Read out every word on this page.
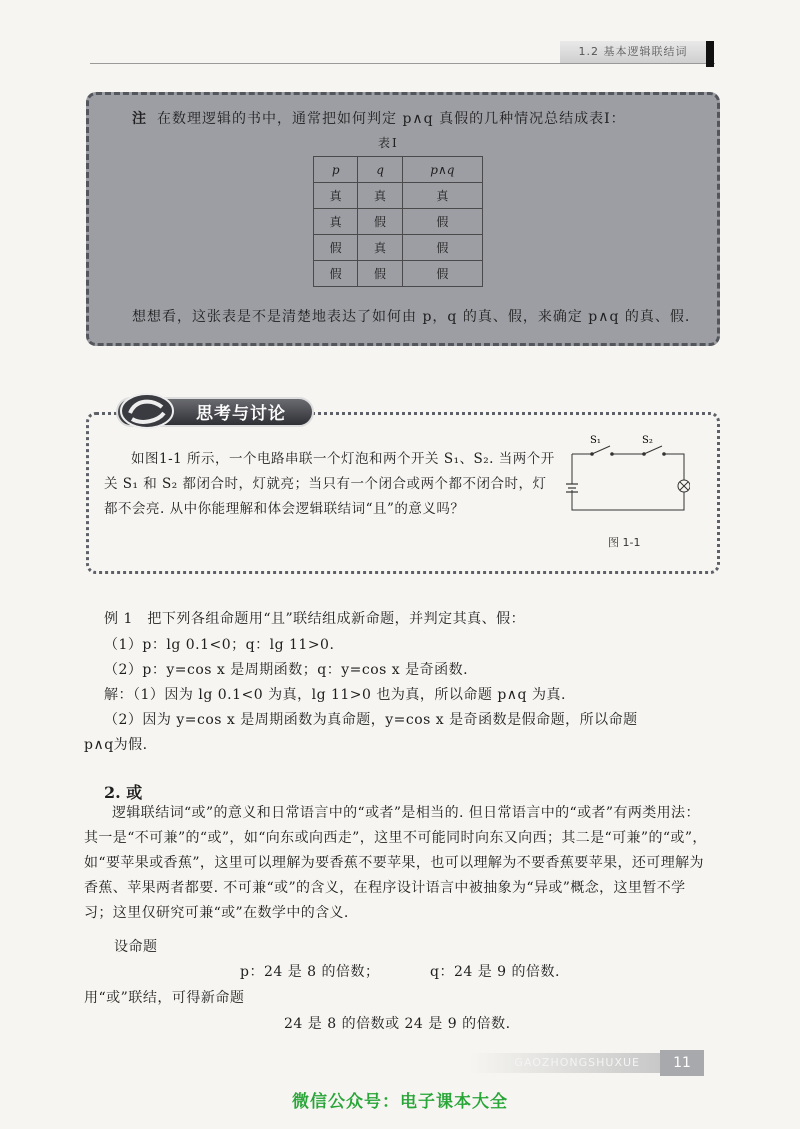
1.2 基本逻辑联结词
注 在数理逻辑的书中，通常把如何判定 p∧q 真假的几种情况总结成表Ⅰ：
表Ⅰ
p	q	p∧q
真	真	真
真	假	假
假	真	假
假	假	假
想想看，这张表是不是清楚地表达了如何由 p，q 的真、假，来确定 p∧q 的真、假.
思考与讨论
如图1-1 所示，一个电路串联一个灯泡和两个开关 S₁、S₂. 当两个开关 S₁ 和 S₂ 都闭合时，灯就亮；当只有一个闭合或两个都不闭合时，灯都不会亮. 从中你能理解和体会逻辑联结词“且”的意义吗？
S₁	S₂
图 1-1
例 1　把下列各组命题用“且”联结组成新命题，并判定其真、假：
（1）p：lg 0.1<0；q：lg 11>0.
（2）p：y=cos x 是周期函数；q：y=cos x 是奇函数.
解：（1）因为 lg 0.1<0 为真，lg 11>0 也为真，所以命题 p∧q 为真.
（2）因为 y=cos x 是周期函数为真命题，y=cos x 是奇函数是假命题，所以命题
p∧q为假.
2. 或
逻辑联结词“或”的意义和日常语言中的“或者”是相当的. 但日常语言中的“或者”有两类用法：其一是“不可兼”的“或”，如“向东或向西走”，这里不可能同时向东又向西；其二是“可兼”的“或”，如“要苹果或香蕉”，这里可以理解为要香蕉不要苹果，也可以理解为不要香蕉要苹果，还可理解为香蕉、苹果两者都要. 不可兼“或”的含义，在程序设计语言中被抽象为“异或”概念，这里暂不学习；这里仅研究可兼“或”在数学中的含义.
设命题
p：24 是 8 的倍数；	q：24 是 9 的倍数.
用“或”联结，可得新命题
24 是 8 的倍数或 24 是 9 的倍数.
GAOZHONGSHUXUE	11
微信公众号：电子课本大全
